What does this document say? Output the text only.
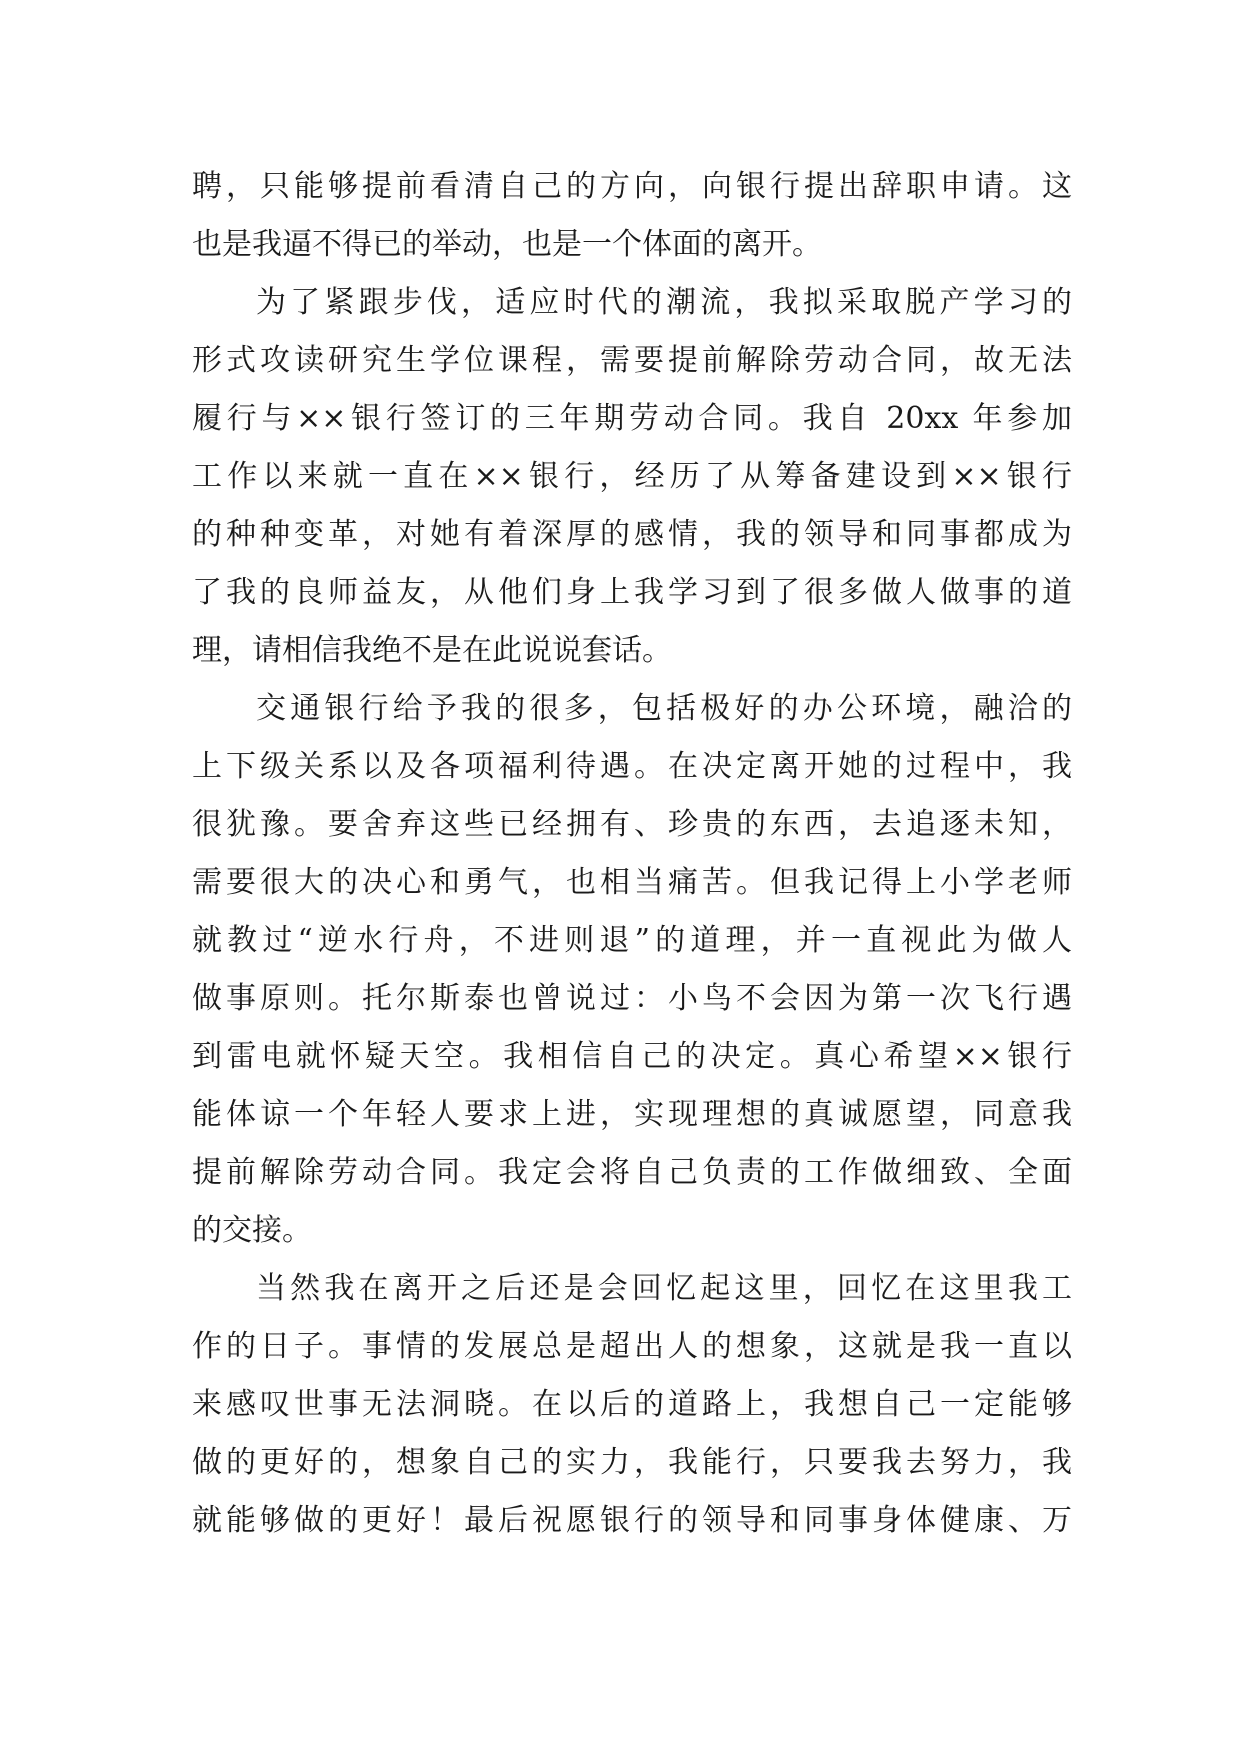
聘，只能够提前看清自己的方向，向银行提出辞职申请。这
也是我逼不得已的举动，也是一个体面的离开。
为了紧跟步伐，适应时代的潮流，我拟采取脱产学习的
形式攻读研究生学位课程，需要提前解除劳动合同，故无法
履行与××银行签订的三年期劳动合同。我自 20xx 年参加
工作以来就一直在××银行，经历了从筹备建设到××银行
的种种变革，对她有着深厚的感情，我的领导和同事都成为
了我的良师益友，从他们身上我学习到了很多做人做事的道
理，请相信我绝不是在此说说套话。
交通银行给予我的很多，包括极好的办公环境，融洽的
上下级关系以及各项福利待遇。在决定离开她的过程中，我
很犹豫。要舍弃这些已经拥有、珍贵的东西，去追逐未知，
需要很大的决心和勇气，也相当痛苦。但我记得上小学老师
就教过“逆水行舟，不进则退”的道理，并一直视此为做人
做事原则。托尔斯泰也曾说过：小鸟不会因为第一次飞行遇
到雷电就怀疑天空。我相信自己的决定。真心希望××银行
能体谅一个年轻人要求上进，实现理想的真诚愿望，同意我
提前解除劳动合同。我定会将自己负责的工作做细致、全面
的交接。
当然我在离开之后还是会回忆起这里，回忆在这里我工
作的日子。事情的发展总是超出人的想象，这就是我一直以
来感叹世事无法洞晓。在以后的道路上，我想自己一定能够
做的更好的，想象自己的实力，我能行，只要我去努力，我
就能够做的更好！最后祝愿银行的领导和同事身体健康、万
